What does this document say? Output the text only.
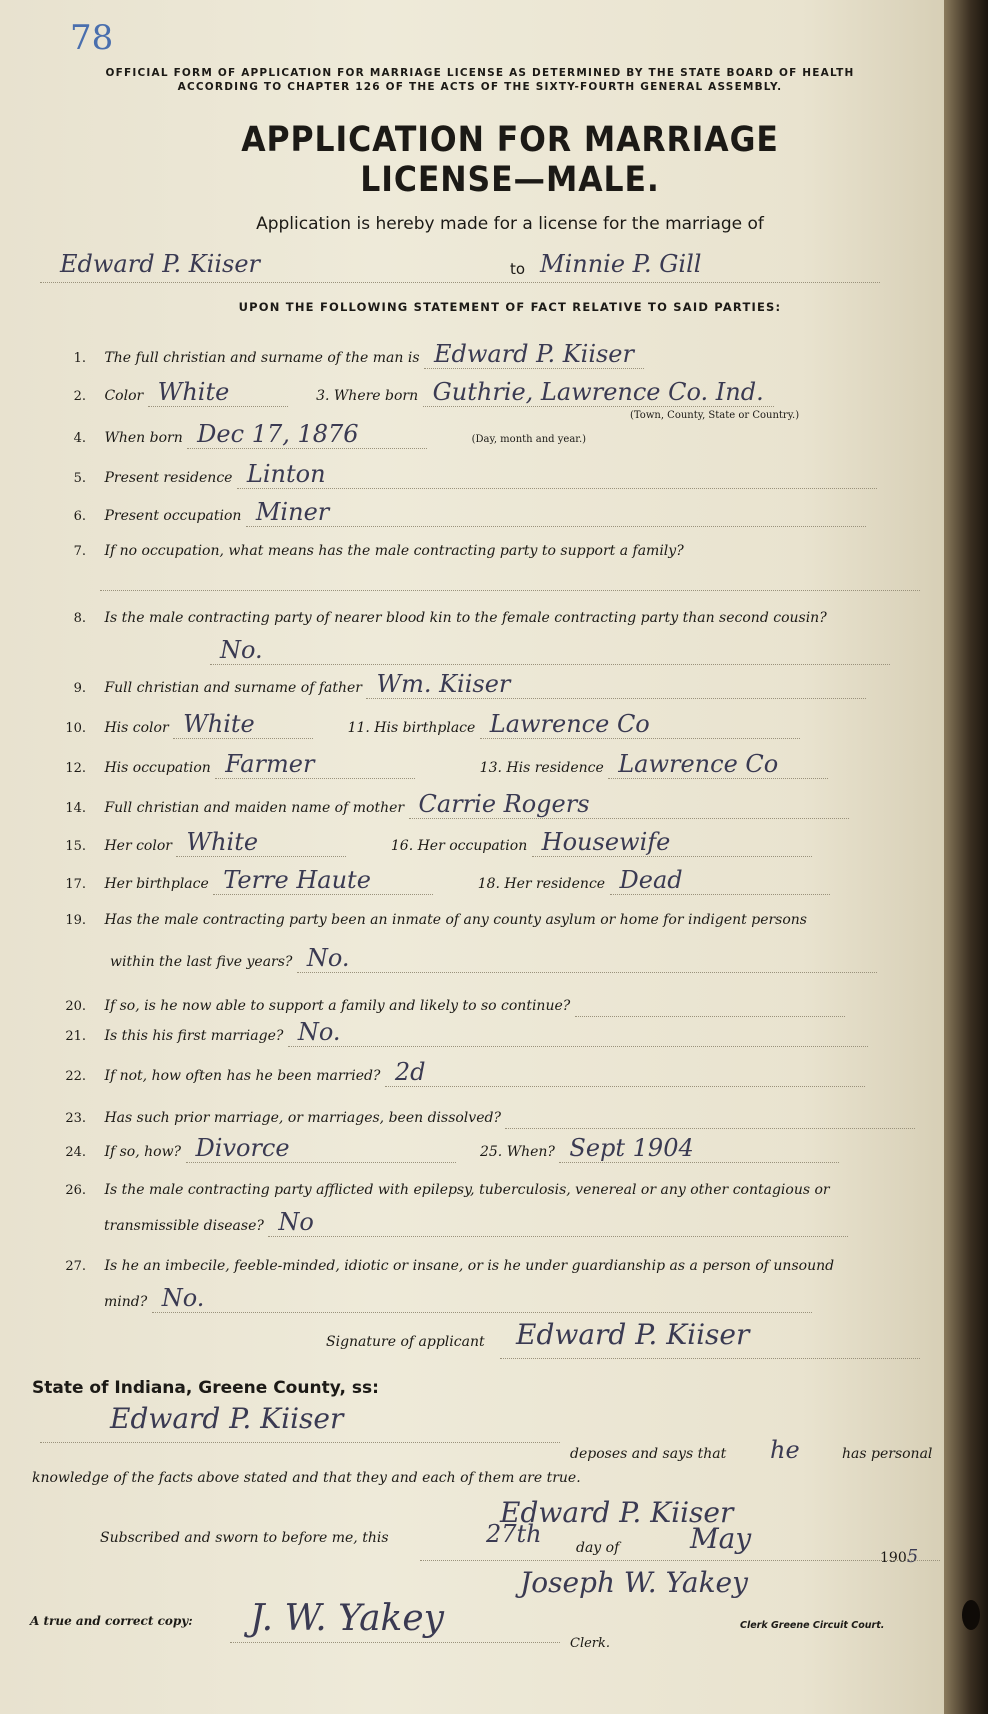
78
OFFICIAL FORM OF APPLICATION FOR MARRIAGE LICENSE AS DETERMINED BY THE STATE BOARD OF HEALTH
ACCORDING TO CHAPTER 126 OF THE ACTS OF THE SIXTY-FOURTH GENERAL ASSEMBLY.
APPLICATION FOR MARRIAGE LICENSE—MALE.
Application is hereby made for a license for the marriage of
Edward P. Kiiser	to Minnie P. Gill
UPON THE FOLLOWING STATEMENT OF FACT RELATIVE TO SAID PARTIES:
1. The full christian and surname of the man is Edward P. Kiiser
2. Color White	3. Where born Guthrie, Lawrence Co. Ind.
(Town, County, State or Country.)
4. When born Dec 17, 1876	(Day, month and year.)
5. Present residence Linton
6. Present occupation Miner
7. If no occupation, what means has the male contracting party to support a family?
8. Is the male contracting party of nearer blood kin to the female contracting party than second cousin?
No.
9. Full christian and surname of father Wm. Kiiser
10. His color White	11. His birthplace Lawrence Co
12. His occupation Farmer	13. His residence Lawrence Co
14. Full christian and maiden name of mother Carrie Rogers
15. Her color White	16. Her occupation Housewife
17. Her birthplace Terre Haute	18. Her residence Dead
19. Has the male contracting party been an inmate of any county asylum or home for indigent persons
within the last five years? No.
20. If so, is he now able to support a family and likely to so continue?
21. Is this his first marriage? No.
22. If not, how often has he been married? 2d
23. Has such prior marriage, or marriages, been dissolved?
24. If so, how? Divorce	25. When? Sept 1904
26. Is the male contracting party afflicted with epilepsy, tuberculosis, venereal or any other contagious or
transmissible disease? No
27. Is he an imbecile, feeble-minded, idiotic or insane, or is he under guardianship as a person of unsound
mind? No.
Signature of applicant Edward P. Kiiser
State of Indiana, Greene County, ss:
Edward P. Kiiser
deposes and says that he	has personal
knowledge of the facts above stated and that they and each of them are true.
Edward P. Kiiser
Subscribed and sworn to before me, this	27th day of	May
1905
Joseph W. Yakey
Clerk Greene Circuit Court.
A true and correct copy: J. W. Yakey
Clerk.
